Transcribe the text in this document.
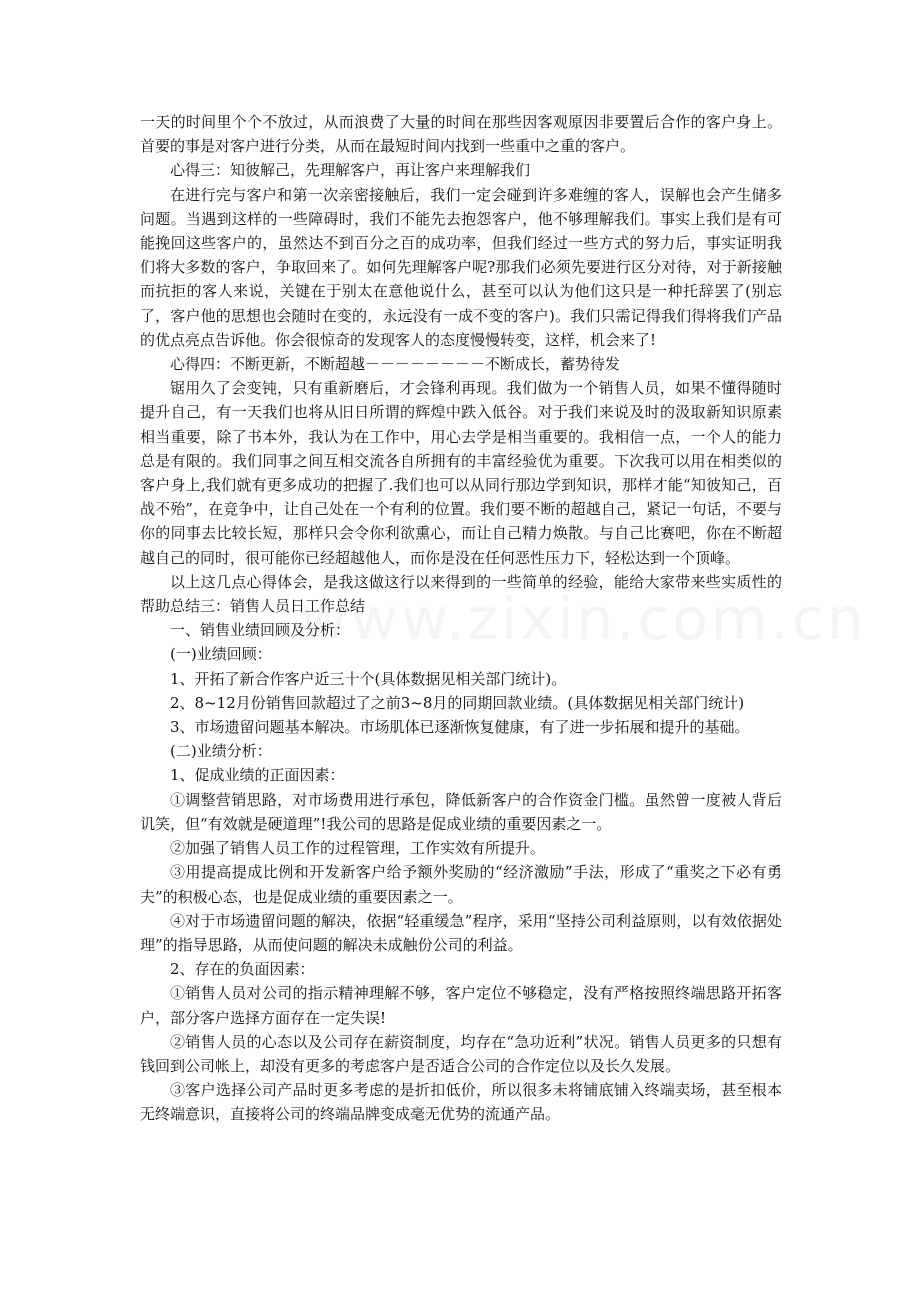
www.zixin.com.cn

一天的时间里个个不放过，从而浪费了大量的时间在那些因客观原因非要置后合作的客户身上。首要的事是对客户进行分类，从而在最短时间内找到一些重中之重的客户。

心得三：知彼解己，先理解客户，再让客户来理解我们

在进行完与客户和第一次亲密接触后，我们一定会碰到许多难缠的客人，误解也会产生储多问题。当遇到这样的一些障碍时，我们不能先去抱怨客户，他不够理解我们。事实上我们是有可能挽回这些客户的，虽然达不到百分之百的成功率，但我们经过一些方式的努力后，事实证明我们将大多数的客户，争取回来了。如何先理解客户呢?那我们必须先要进行区分对待，对于新接触而抗拒的客人来说，关键在于别太在意他说什么，甚至可以认为他们这只是一种托辞罢了(别忘了，客户他的思想也会随时在变的，永远没有一成不变的客户)。我们只需记得我们得将我们产品的优点亮点告诉他。你会很惊奇的发现客人的态度慢慢转变，这样，机会来了!

心得四：不断更新，不断超越－－－－－－－－不断成长，蓄势待发

锯用久了会变钝，只有重新磨后，才会锋利再现。我们做为一个销售人员，如果不懂得随时提升自己，有一天我们也将从旧日所谓的辉煌中跌入低谷。对于我们来说及时的汲取新知识原素相当重要，除了书本外，我认为在工作中，用心去学是相当重要的。我相信一点，一个人的能力总是有限的。我们同事之间互相交流各自所拥有的丰富经验优为重要。下次我可以用在相类似的客户身上,我们就有更多成功的把握了.我们也可以从同行那边学到知识，那样才能“知彼知己，百战不殆”，在竞争中，让自己处在一个有利的位置。我们要不断的超越自己，紧记一句话，不要与你的同事去比较长短，那样只会令你利欲熏心，而让自己精力焕散。与自己比赛吧，你在不断超越自己的同时，很可能你已经超越他人，而你是没在任何恶性压力下，轻松达到一个顶峰。

以上这几点心得体会，是我这做这行以来得到的一些简单的经验，能给大家带来些实质性的帮助总结三：销售人员日工作总结

一、销售业绩回顾及分析：

(一)业绩回顾：

1、开拓了新合作客户近三十个(具体数据见相关部门统计)。

2、8~12月份销售回款超过了之前3~8月的同期回款业绩。(具体数据见相关部门统计)

3、市场遗留问题基本解决。市场肌体已逐渐恢复健康，有了进一步拓展和提升的基础。

(二)业绩分析：

1、促成业绩的正面因素：

①调整营销思路，对市场费用进行承包，降低新客户的合作资金门槛。虽然曾一度被人背后讥笑，但“有效就是硬道理”!我公司的思路是促成业绩的重要因素之一。

②加强了销售人员工作的过程管理，工作实效有所提升。

③用提高提成比例和开发新客户给予额外奖励的“经济激励”手法，形成了“重奖之下必有勇夫”的积极心态，也是促成业绩的重要因素之一。

④对于市场遗留问题的解决，依据“轻重缓急”程序，采用“坚持公司利益原则，以有效依据处理”的指导思路，从而使问题的解决未成触份公司的利益。

2、存在的负面因素：

①销售人员对公司的指示精神理解不够，客户定位不够稳定，没有严格按照终端思路开拓客户，部分客户选择方面存在一定失误!

②销售人员的心态以及公司存在薪资制度，均存在“急功近利”状况。销售人员更多的只想有钱回到公司帐上，却没有更多的考虑客户是否适合公司的合作定位以及长久发展。

③客户选择公司产品时更多考虑的是折扣低价，所以很多未将铺底铺入终端卖场，甚至根本无终端意识，直接将公司的终端品牌变成毫无优势的流通产品。
